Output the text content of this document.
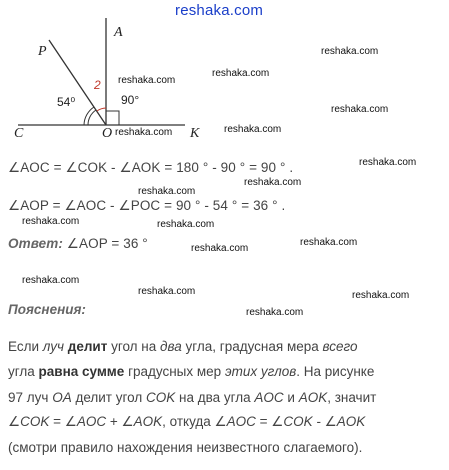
reshaka.com
A
P
C	O	K
2
54⁰	90°
reshaka.com
reshaka.com
reshaka.com
reshaka.com
reshaka.com	reshaka.com
reshaka.com
reshaka.com
reshaka.com
reshaka.com	reshaka.com
reshaka.com
reshaka.com
reshaka.com
reshaka.com
reshaka.com
reshaka.com
∠AOC = ∠COK - ∠AOK = 180 ° - 90 ° = 90 ° .
∠AOP = ∠AOC - ∠POC = 90 ° - 54 ° = 36 ° .
Ответ: ∠AOP = 36 °
Пояснения:
Если луч делит угол на два угла, градусная мера всего
угла равна сумме градусных мер этих углов. На рисунке
97 луч OA делит угол COK на два угла AOC и AOK, значит
∠COK = ∠AOC + ∠AOK, откуда ∠AOC = ∠COK - ∠AOK
(смотри правило нахождения неизвестного слагаемого).
